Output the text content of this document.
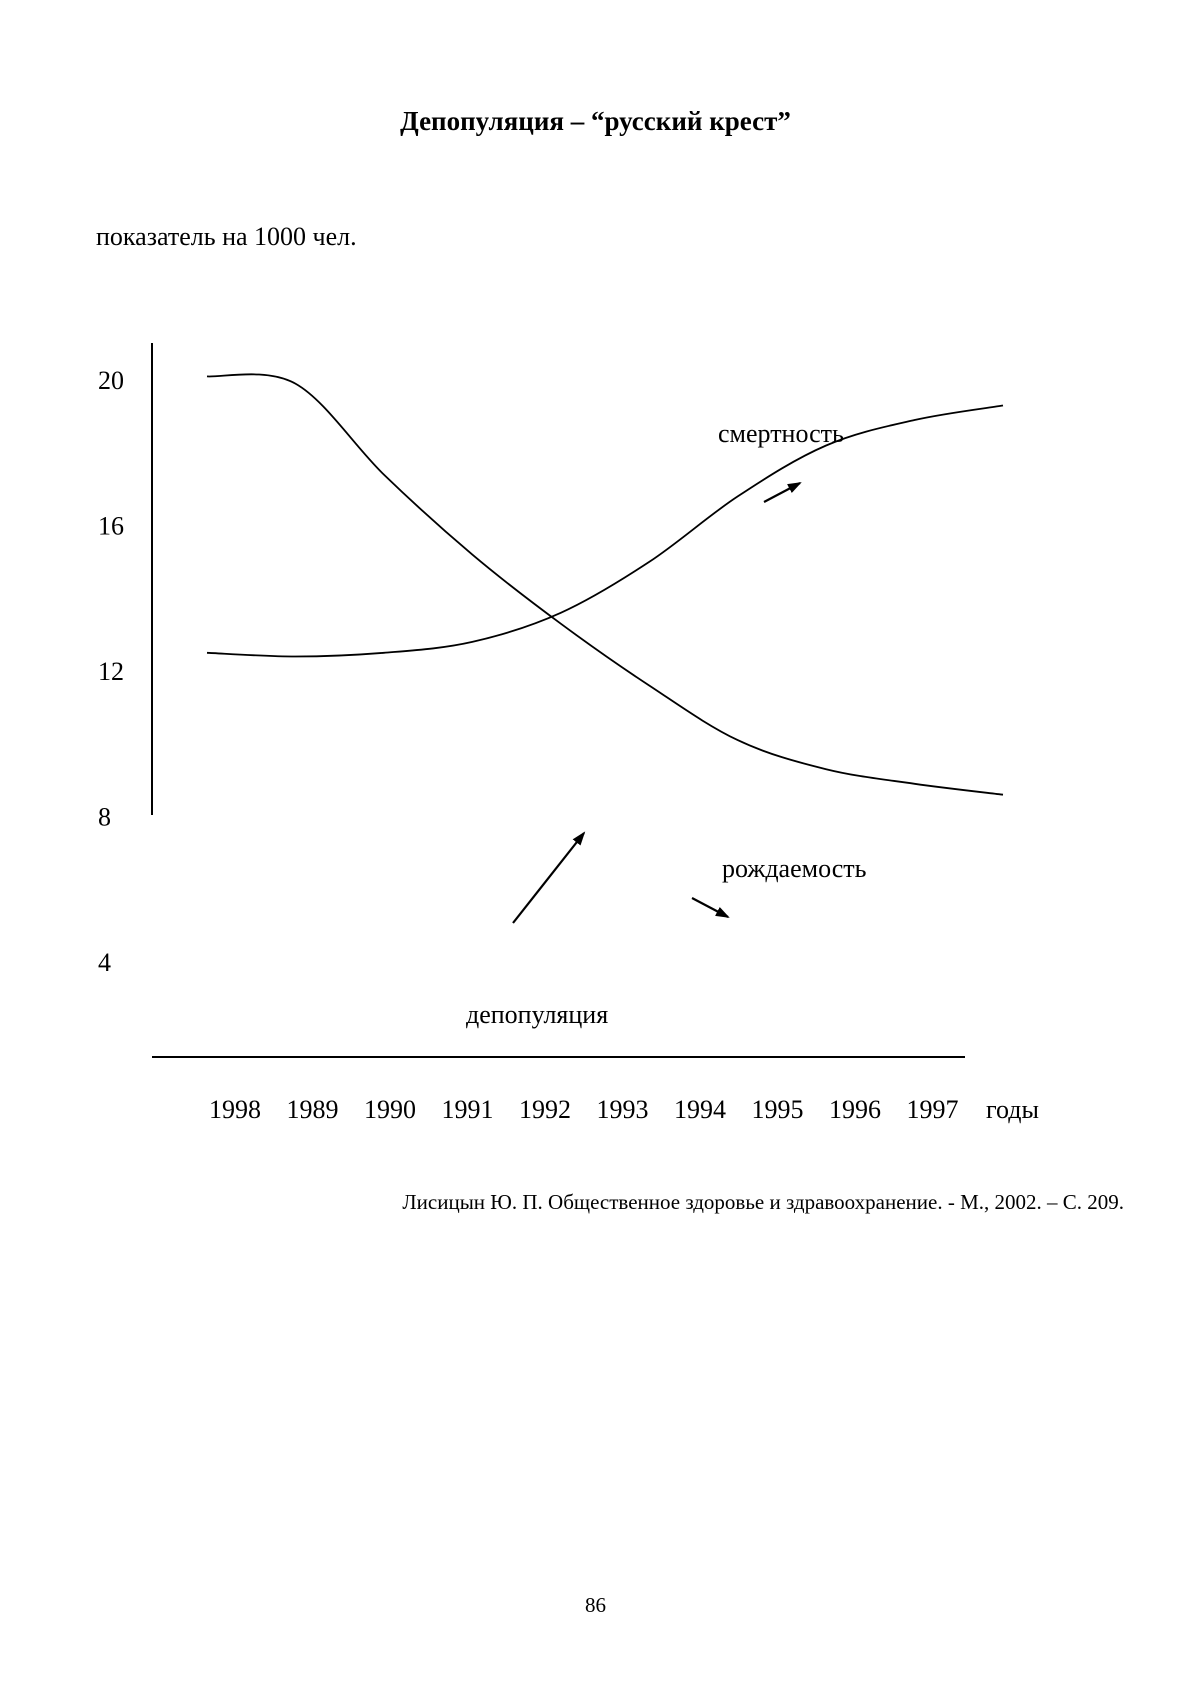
Депопуляция – “русский крест”

показатель на 1000 чел.

20
16
12
8
4
1998 1989 1990 1991 1992 1993 1994 1995 1996 1997 годы
смертность
рождаемость
депопуляция

Лисицын Ю. П. Общественное здоровье и здравоохранение. - М., 2002. – С. 209.

86
